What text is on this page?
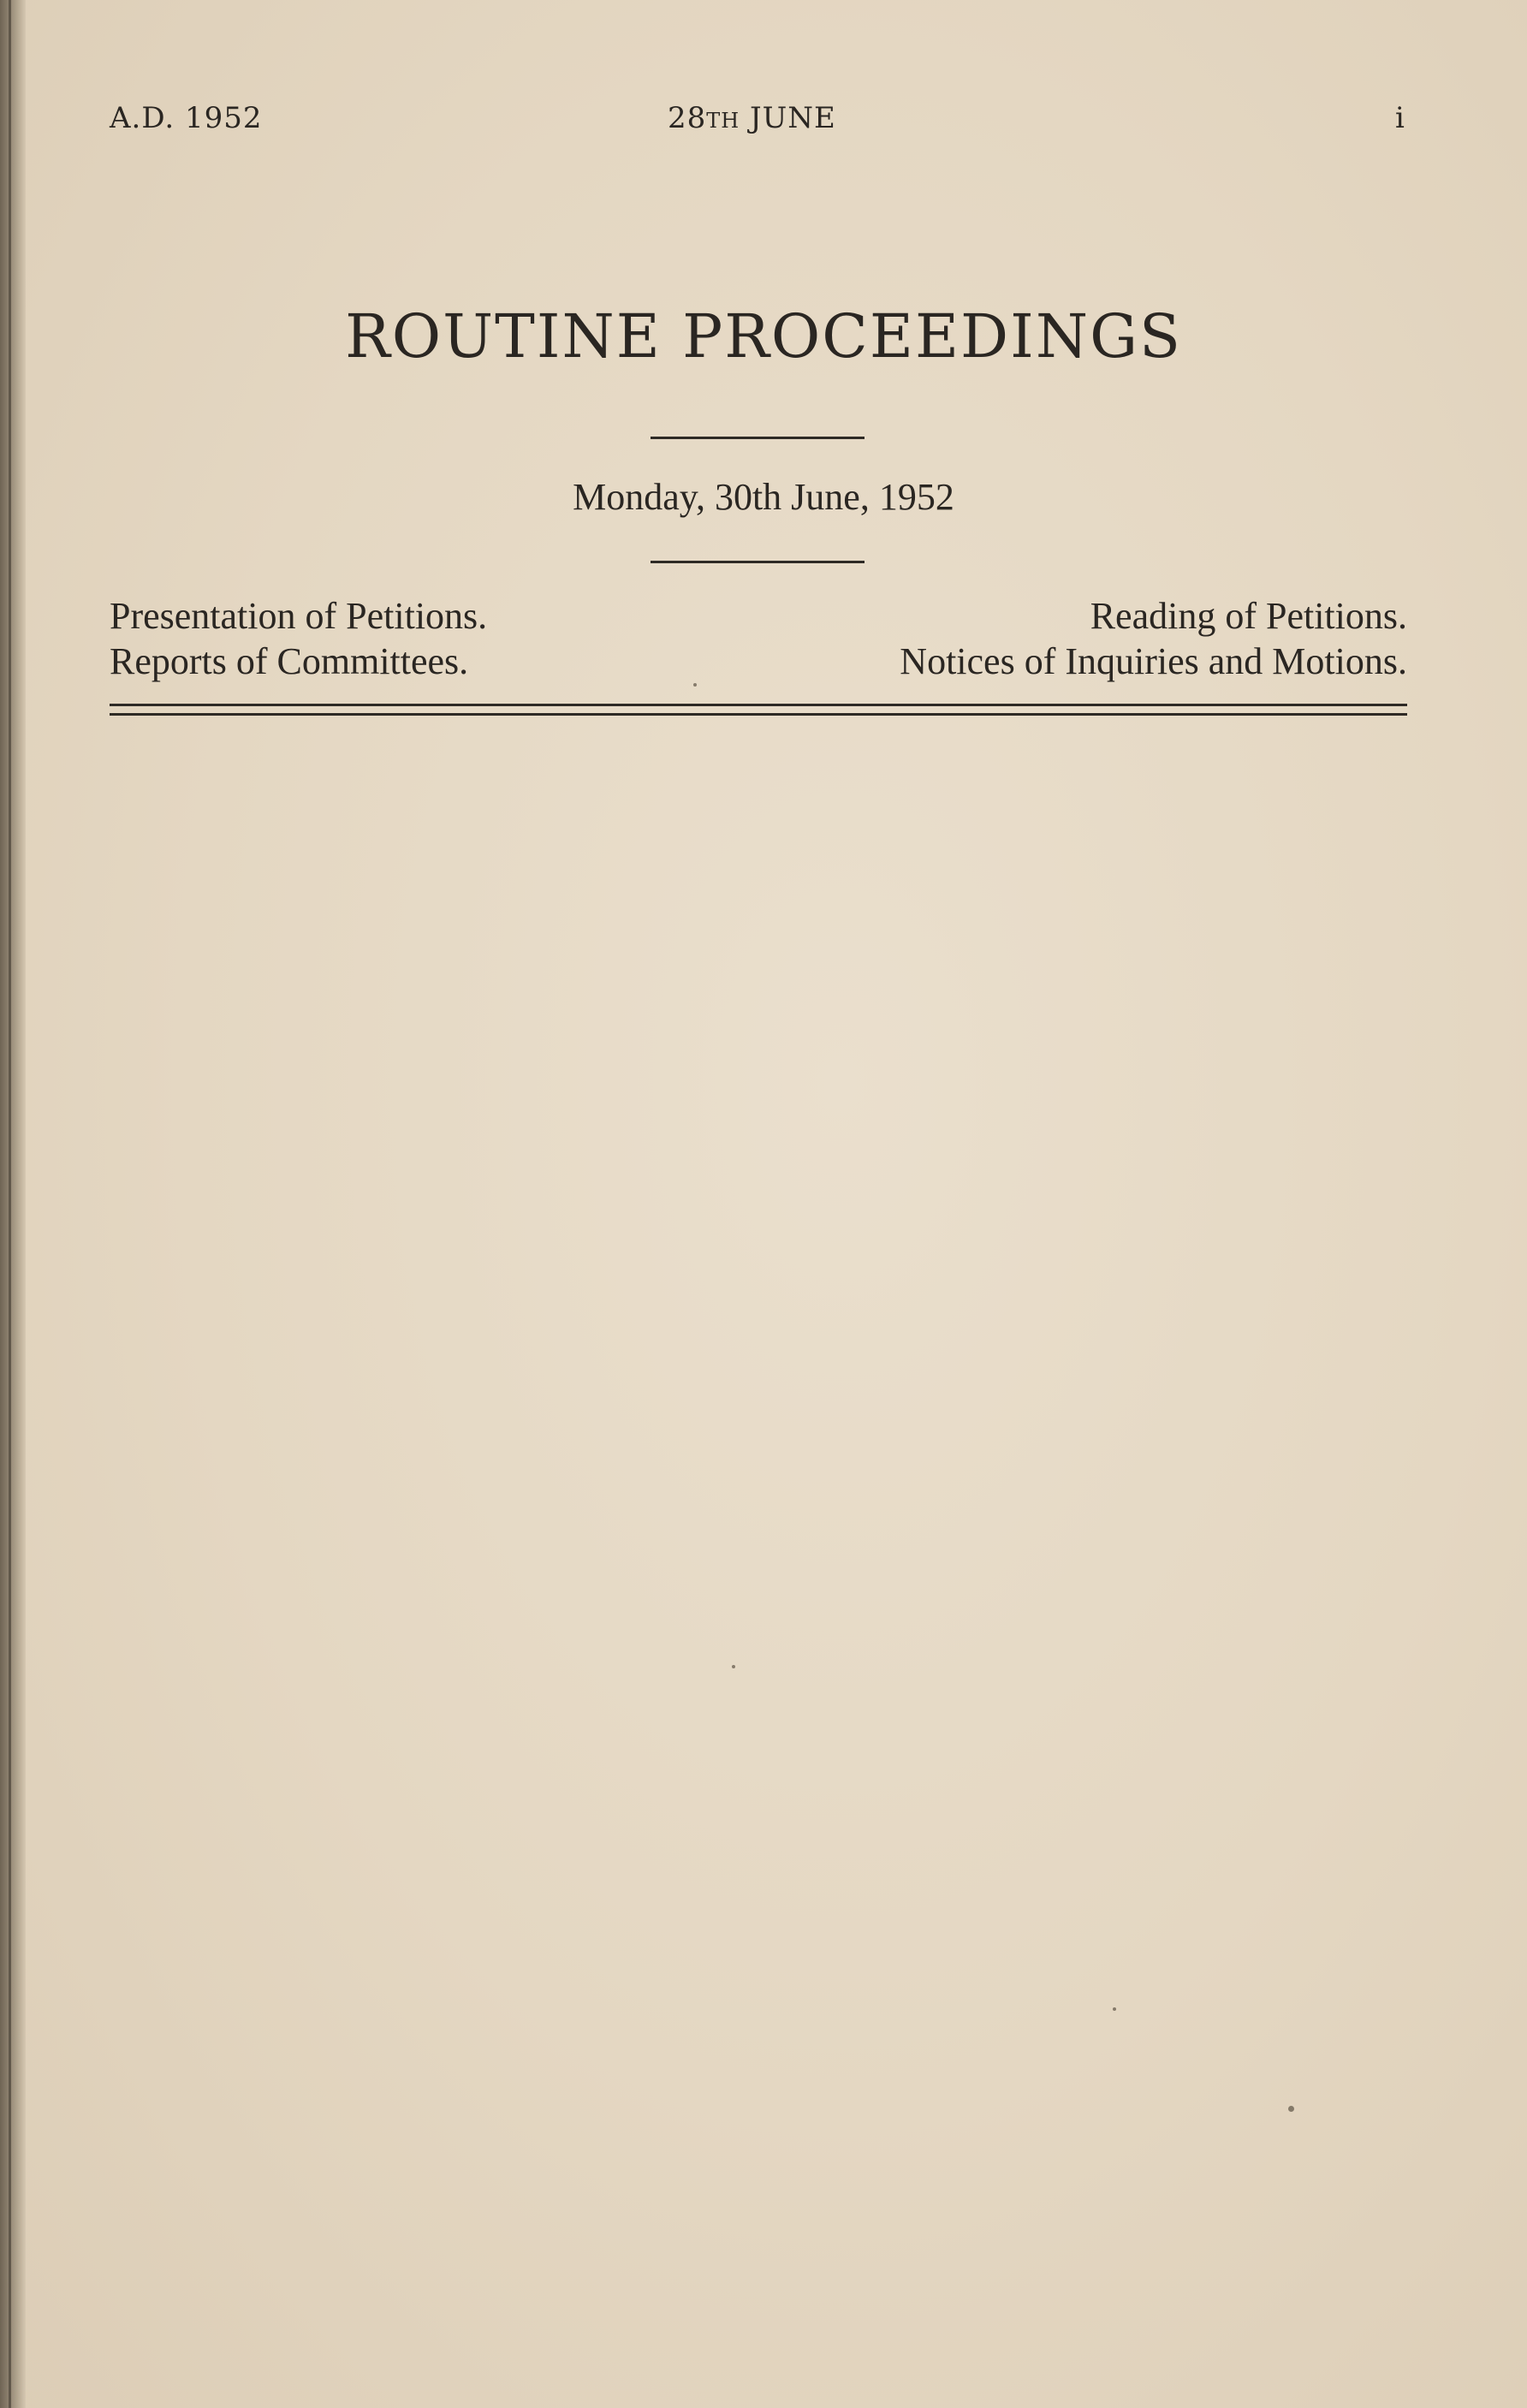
A.D. 1952	28TH JUNE	i
ROUTINE PROCEEDINGS
Monday, 30th June, 1952
Presentation of Petitions.	Reading of Petitions.
Reports of Committees.	Notices of Inquiries and Motions.
